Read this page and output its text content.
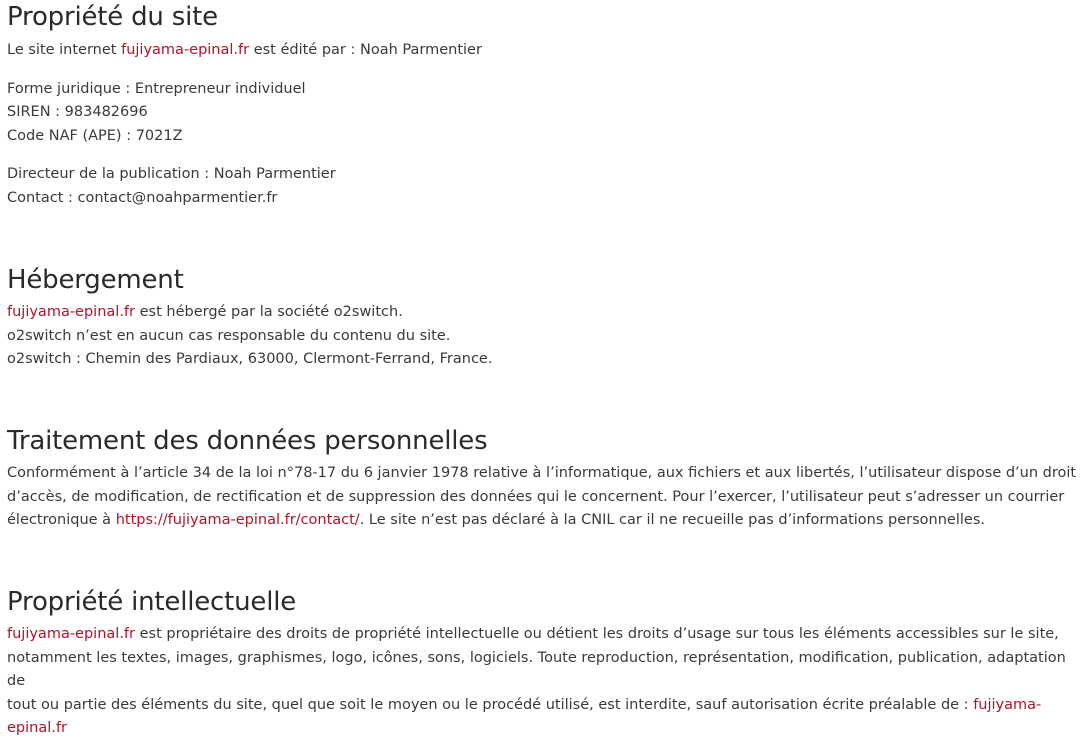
Propriété du site

Le site internet fujiyama-epinal.fr est édité par : Noah Parmentier

Forme juridique : Entrepreneur individuel
SIREN : 983482696
Code NAF (APE) : 7021Z

Directeur de la publication : Noah Parmentier
Contact : contact@noahparmentier.fr

Hébergement

fujiyama-epinal.fr est hébergé par la société o2switch.
o2switch n’est en aucun cas responsable du contenu du site.
o2switch : Chemin des Pardiaux, 63000, Clermont-Ferrand, France.

Traitement des données personnelles

Conformément à l’article 34 de la loi n°78-17 du 6 janvier 1978 relative à l’informatique, aux fichiers et aux libertés, l’utilisateur dispose d’un droit
d’accès, de modification, de rectification et de suppression des données qui le concernent. Pour l’exercer, l’utilisateur peut s’adresser un courrier
électronique à https://fujiyama-epinal.fr/contact/. Le site n’est pas déclaré à la CNIL car il ne recueille pas d’informations personnelles.

Propriété intellectuelle

fujiyama-epinal.fr est propriétaire des droits de propriété intellectuelle ou détient les droits d’usage sur tous les éléments accessibles sur le site,
notamment les textes, images, graphismes, logo, icônes, sons, logiciels. Toute reproduction, représentation, modification, publication, adaptation de
tout ou partie des éléments du site, quel que soit le moyen ou le procédé utilisé, est interdite, sauf autorisation écrite préalable de : fujiyama-epinal.fr
